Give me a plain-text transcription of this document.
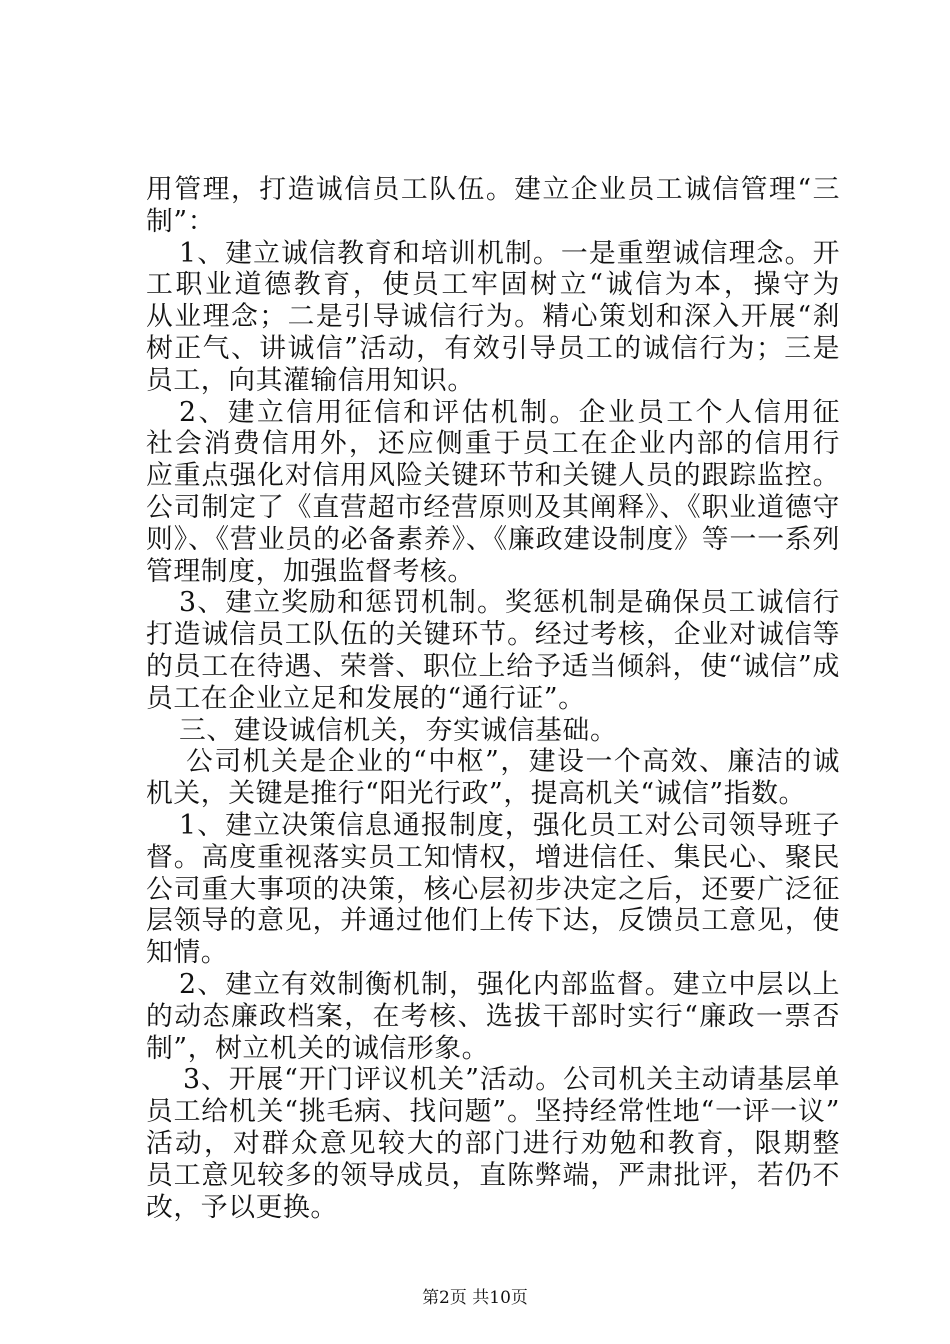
用管理，打造诚信员工队伍。建立企业员工诚信管理“三
制”：
1、建立诚信教育和培训机制。一是重塑诚信理念。开
工职业道德教育，使员工牢固树立“诚信为本，操守为
从业理念；二是引导诚信行为。精心策划和深入开展“刹
树正气、讲诚信”活动，有效引导员工的诚信行为；三是
员工，向其灌输信用知识。
2、建立信用征信和评估机制。企业员工个人信用征
社会消费信用外，还应侧重于员工在企业内部的信用行
应重点强化对信用风险关键环节和关键人员的跟踪监控。
公司制定了《直营超市经营原则及其阐释》、《职业道德守
则》、《营业员的必备素养》、《廉政建设制度》等一一系列
管理制度，加强监督考核。
3、建立奖励和惩罚机制。奖惩机制是确保员工诚信行
打造诚信员工队伍的关键环节。经过考核，企业对诚信等
的员工在待遇、荣誉、职位上给予适当倾斜，使“诚信”成
员工在企业立足和发展的“通行证”。
三、建设诚信机关，夯实诚信基础。
公司机关是企业的“中枢”，建设一个高效、廉洁的诚
机关，关键是推行“阳光行政”，提高机关“诚信”指数。
1、建立决策信息通报制度，强化员工对公司领导班子
督。高度重视落实员工知情权，增进信任、集民心、聚民
公司重大事项的决策，核心层初步决定之后，还要广泛征
层领导的意见，并通过他们上传下达，反馈员工意见，使
知情。
2、建立有效制衡机制，强化内部监督。建立中层以上
的动态廉政档案，在考核、选拔干部时实行“廉政一票否
制”，树立机关的诚信形象。
3、开展“开门评议机关”活动。公司机关主动请基层单
员工给机关“挑毛病、找问题”。坚持经常性地“一评一议”
活动，对群众意见较大的部门进行劝勉和教育，限期整
员工意见较多的领导成员，直陈弊端，严肃批评，若仍不
改，予以更换。
第2页 共10页
